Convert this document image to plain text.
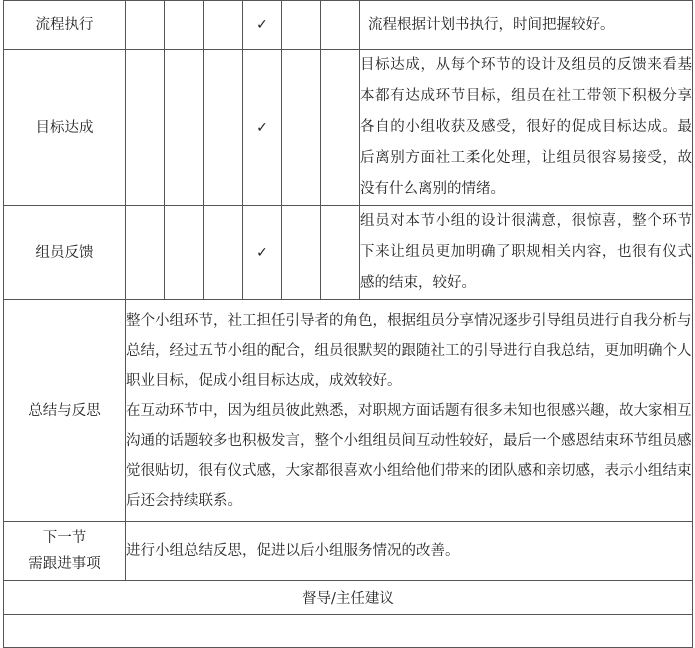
流程执行				✓			流程根据计划书执行，时间把握较好。
目标达成				✓			目标达成，从每个环节的设计及组员的反馈来看基本都有达成环节目标，组员在社工带领下积极分享各自的小组收获及感受，很好的促成目标达成。最后离别方面社工柔化处理，让组员很容易接受，故没有什么离别的情绪。
组员反馈				✓			组员对本节小组的设计很满意，很惊喜，整个环节下来让组员更加明确了职规相关内容，也很有仪式感的结束，较好。
总结与反思	整个小组环节，社工担任引导者的角色，根据组员分享情况逐步引导组员进行自我分析与总结，经过五节小组的配合，组员很默契的跟随社工的引导进行自我总结，更加明确个人职业目标，促成小组目标达成，成效较好。

在互动环节中，因为组员彼此熟悉，对职规方面话题有很多未知也很感兴趣，故大家相互沟通的话题较多也积极发言，整个小组组员间互动性较好，最后一个感恩结束环节组员感觉很贴切，很有仪式感，大家都很喜欢小组给他们带来的团队感和亲切感，表示小组结束后还会持续联系。						

下一节
需跟进事项	进行小组总结反思，促进以后小组服务情况的改善。						
督导/主任建议							
